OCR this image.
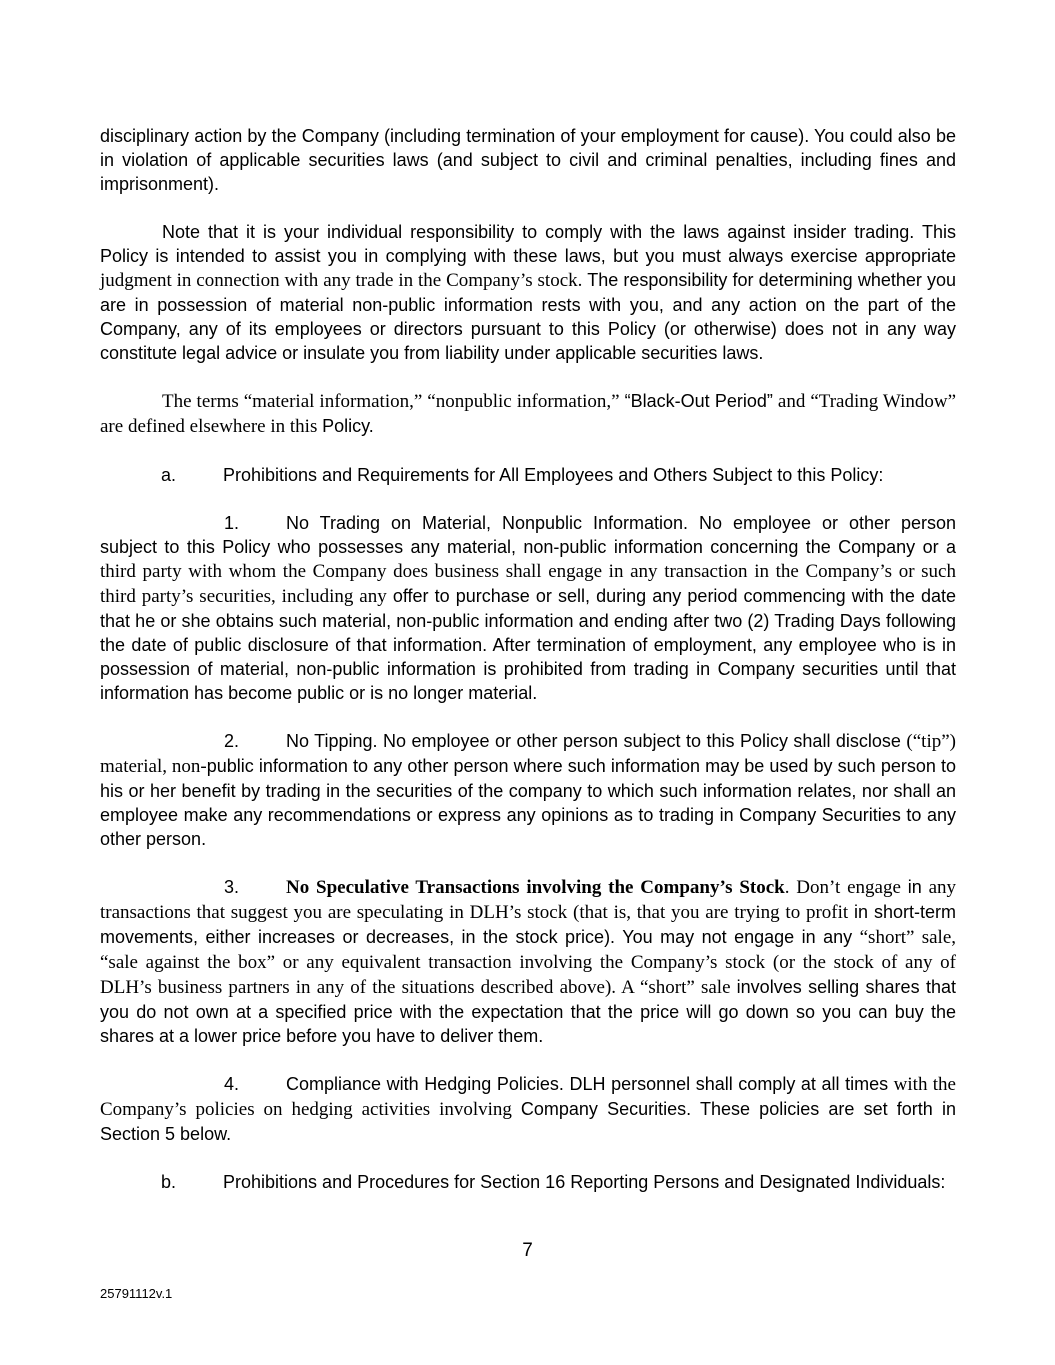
disciplinary action by the Company (including termination of your employment for cause). You could also be in violation of applicable securities laws (and subject to civil and criminal penalties, including fines and imprisonment).

Note that it is your individual responsibility to comply with the laws against insider trading. This Policy is intended to assist you in complying with these laws, but you must always exercise appropriate judgment in connection with any trade in the Company’s stock. The responsibility for determining whether you are in possession of material non-public information rests with you, and any action on the part of the Company, any of its employees or directors pursuant to this Policy (or otherwise) does not in any way constitute legal advice or insulate you from liability under applicable securities laws.

The terms “material information,” “nonpublic information,” “Black-Out Period” and “Trading Window” are defined elsewhere in this Policy.

a.	Prohibitions and Requirements for All Employees and Others Subject to this Policy:

1.	No Trading on Material, Nonpublic Information. No employee or other person subject to this Policy who possesses any material, non-public information concerning the Company or a third party with whom the Company does business shall engage in any transaction in the Company’s or such third party’s securities, including any offer to purchase or sell, during any period commencing with the date that he or she obtains such material, non-public information and ending after two (2) Trading Days following the date of public disclosure of that information. After termination of employment, any employee who is in possession of material, non-public information is prohibited from trading in Company securities until that information has become public or is no longer material.

2.	No Tipping. No employee or other person subject to this Policy shall disclose (“tip”) material, non-public information to any other person where such information may be used by such person to his or her benefit by trading in the securities of the company to which such information relates, nor shall an employee make any recommendations or express any opinions as to trading in Company Securities to any other person.

3. No Speculative Transactions involving the Company’s Stock. Don’t engage in any transactions that suggest you are speculating in DLH’s stock (that is, that you are trying to profit in short-term movements, either increases or decreases, in the stock price). You may not engage in any “short” sale, “sale against the box” or any equivalent transaction involving the Company’s stock (or the stock of any of DLH’s business partners in any of the situations described above). A “short” sale involves selling shares that you do not own at a specified price with the expectation that the price will go down so you can buy the shares at a lower price before you have to deliver them.

4.	Compliance with Hedging Policies. DLH personnel shall comply at all times with the Company’s policies on hedging activities involving Company Securities. These policies are set forth in Section 5 below.

b.	Prohibitions and Procedures for Section 16 Reporting Persons and Designated Individuals:
7
25791112v.1
